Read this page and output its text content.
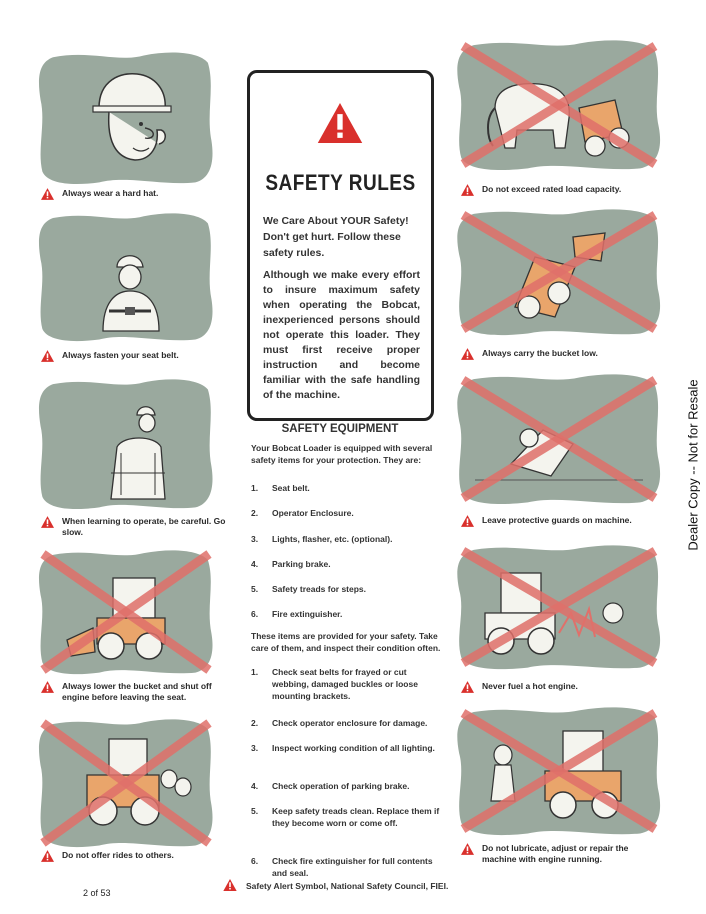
Always wear a hard hat.
Always fasten your seat belt.
When learning to operate, be careful. Go slow.
Always lower the bucket and shut off engine before leaving the seat.
Do not offer rides to others.
Do not exceed rated load capacity.
Always carry the bucket low.
Leave protective guards on machine.
Never fuel a hot engine.
Do not lubricate, adjust or repair the machine with engine running.
SAFETY RULES
We Care About YOUR Safety! Don't get hurt. Follow these safety rules.
Although we make every effort to insure maximum safety when operating the Bobcat, inexperienced persons should not operate this loader. They must first receive proper instruction and become familiar with the safe handling of the machine.
SAFETY EQUIPMENT
Your Bobcat Loader is equipped with several safety items for your protection. They are:
1. Seat belt.
2. Operator Enclosure.
3. Lights, flasher, etc. (optional).
4. Parking brake.
5. Safety treads for steps.
6. Fire extinguisher.
These items are provided for your safety. Take care of them, and inspect their condition often.
1. Check seat belts for frayed or cut webbing, damaged buckles or loose mounting brackets.
2. Check operator enclosure for damage.
3. Inspect working condition of all lighting.
4. Check operation of parking brake.
5. Keep safety treads clean. Replace them if they become worn or come off.
6. Check fire extinguisher for full contents and seal.
Safety Alert Symbol, National Safety Council, FIEI.
2 of 53
Dealer Copy -- Not for Resale
